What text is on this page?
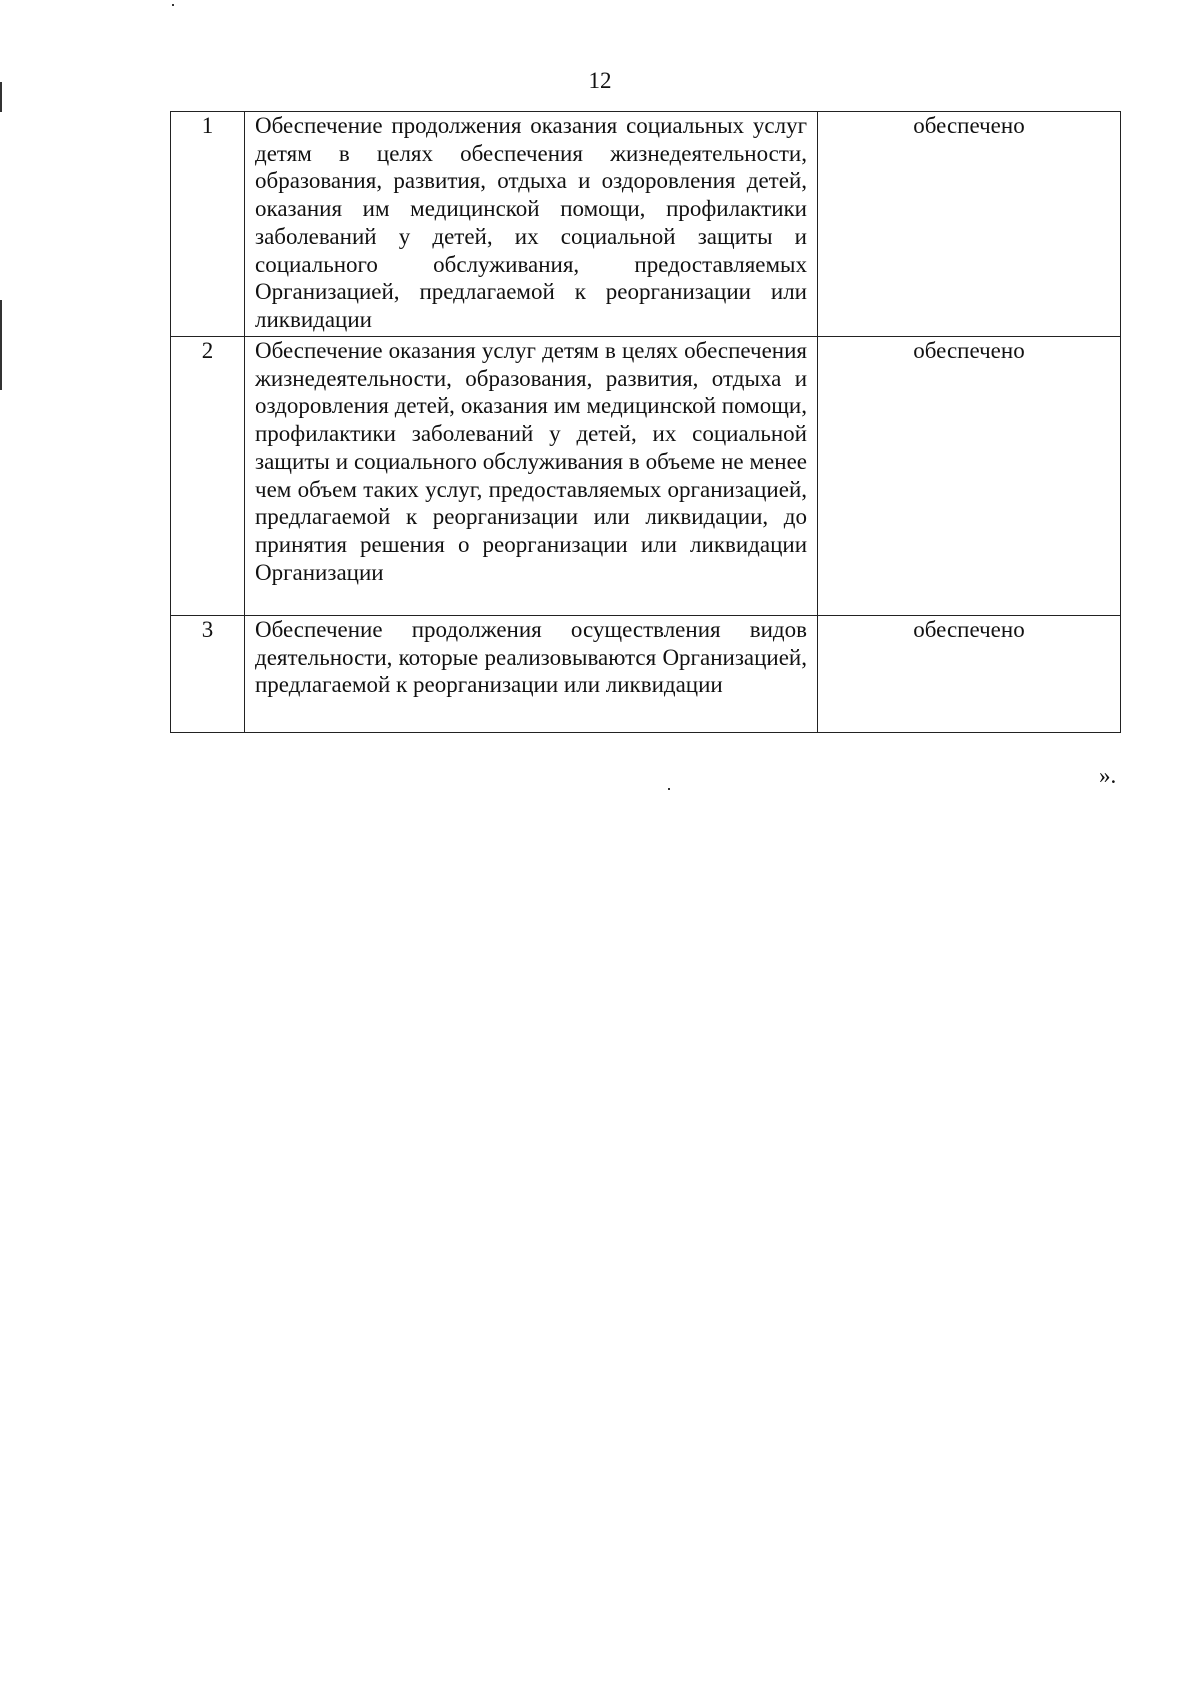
12
1	Обеспечение продолжения оказания социальных услуг детям в целях обеспечения жизнедеятельности, образования, развития, отдыха и оздоровления детей, оказания им медицинской помощи, профилактики заболеваний у детей, их социальной защиты и социального обслуживания, предоставляемых Организацией, предлагаемой к реорганизации или ликвидации	обеспечено
2	Обеспечение оказания услуг детям в целях обеспечения жизнедеятельности, образования, развития, отдыха и оздоровления детей, оказания им медицинской помощи, профилактики заболеваний у детей, их социальной защиты и социального обслуживания в объеме не менее чем объем таких услуг, предоставляемых организацией, предлагаемой к реорганизации или ликвидации, до принятия решения о реорганизации или ликвидации Организации	обеспечено
3	Обеспечение продолжения осуществления видов деятельности, которые реализовываются Организацией, предлагаемой к реорганизации или ликвидации	обеспечено
».
